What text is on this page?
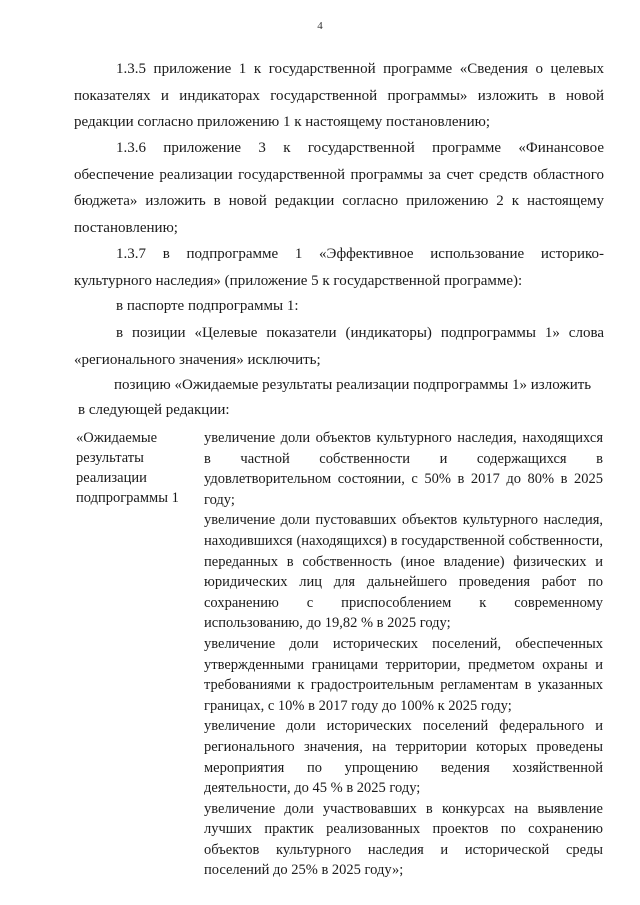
4
1.3.5 приложение 1 к государственной программе «Сведения о целевых показателях и индикаторах государственной программы» изложить в новой редакции согласно приложению 1 к настоящему постановлению;
1.3.6 приложение 3 к государственной программе «Финансовое обеспечение реализации государственной программы за счет средств областного бюджета» изложить в новой редакции согласно приложению 2 к настоящему постановлению;
1.3.7 в подпрограмме 1 «Эффективное использование историко-культурного наследия» (приложение 5 к государственной программе):
в паспорте подпрограммы 1:
в позиции «Целевые показатели (индикаторы) подпрограммы 1» слова «регионального значения» исключить;
позицию «Ожидаемые результаты реализации подпрограммы 1» изложить
в следующей редакции:
«Ожидаемые результаты реализации подпрограммы 1

увеличение доли объектов культурного наследия, находящихся в частной собственности и содержащихся в удовлетворительном состоянии, с 50% в 2017 до 80% в 2025 году;

увеличение доли пустовавших объектов культурного наследия, находившихся (находящихся) в государственной собственности, переданных в собственность (иное владение) физических и юридических лиц для дальнейшего проведения работ по сохранению с приспособлением к современному использованию, до 19,82 % в 2025 году;

увеличение доли исторических поселений, обеспеченных утвержденными границами территории, предметом охраны и требованиями к градостроительным регламентам в указанных границах, с 10% в 2017 году до 100% к 2025 году;

увеличение доли исторических поселений федерального и регионального значения, на территории которых проведены мероприятия по упрощению ведения хозяйственной деятельности, до 45 % в 2025 году;

увеличение доли участвовавших в конкурсах на выявление лучших практик реализованных проектов по сохранению объектов культурного наследия и исторической среды поселений до 25% в 2025 году»;
